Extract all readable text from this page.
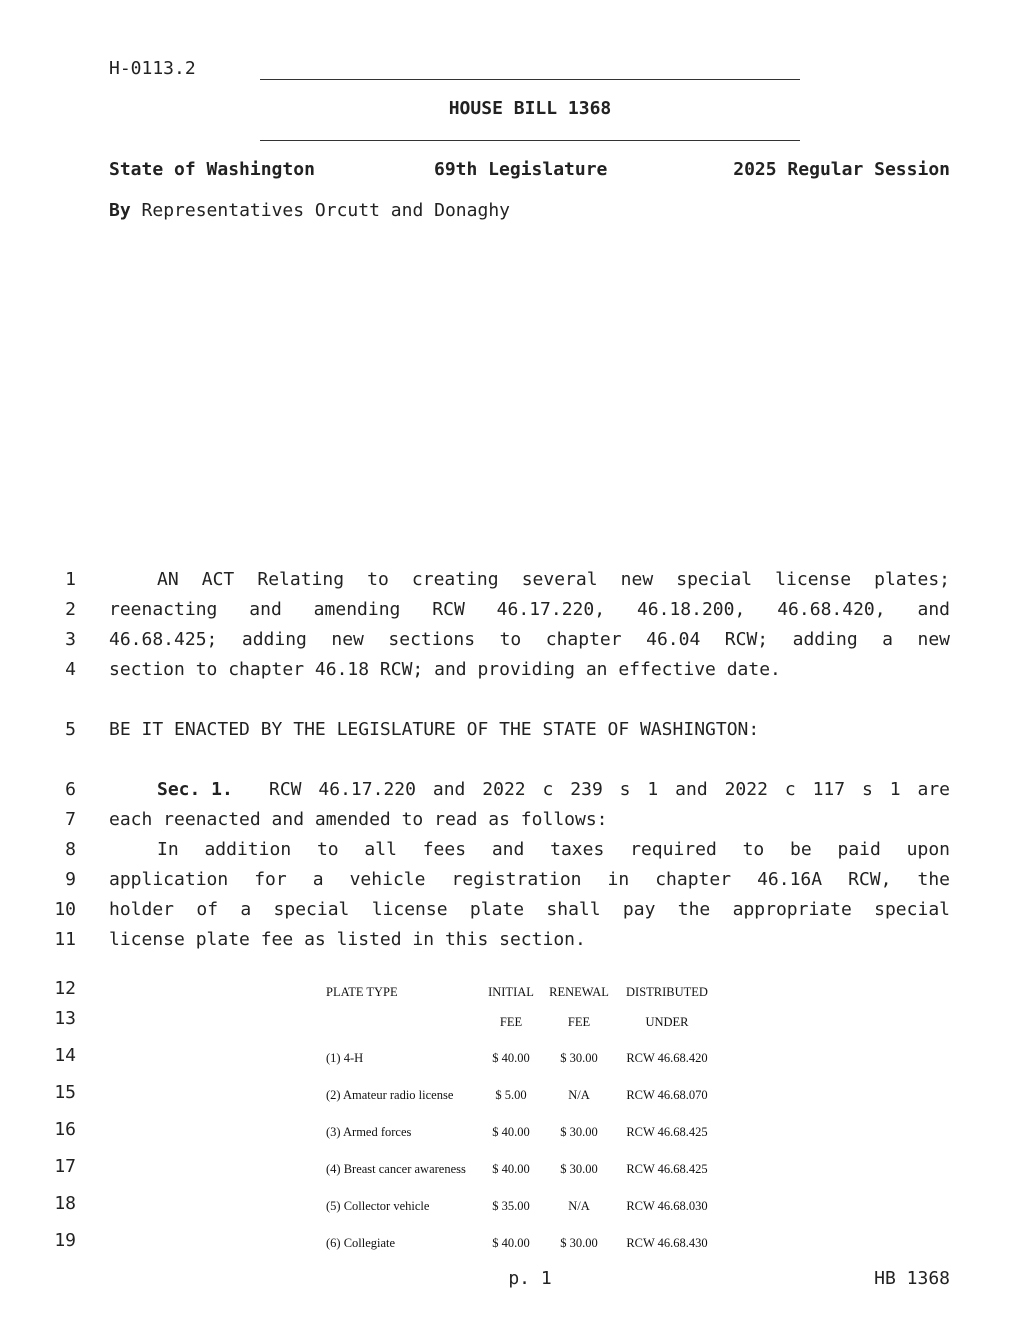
H-0113.2
HOUSE BILL 1368
State of Washington	69th Legislature	2025 Regular Session
By Representatives Orcutt and Donaghy
1	AN ACT Relating to creating several new special license plates;
2 reenacting and amending RCW 46.17.220, 46.18.200, 46.68.420, and
3 46.68.425; adding new sections to chapter 46.04 RCW; adding a new
4 section to chapter 46.18 RCW; and providing an effective date.
5 BE IT ENACTED BY THE LEGISLATURE OF THE STATE OF WASHINGTON:
6	Sec. 1.	RCW 46.17.220 and 2022 c 239 s 1 and 2022 c 117 s 1 are
7 each reenacted and amended to read as follows:
8	In addition to all fees and taxes required to be paid upon
9 application for a vehicle registration in chapter 46.16A RCW, the
10 holder of a special license plate shall pay the appropriate special
11 license plate fee as listed in this section.
12	PLATE TYPE	INITIAL	RENEWAL	DISTRIBUTED
13	FEE	FEE	UNDER
14	(1) 4-H	$ 40.00	$ 30.00	RCW 46.68.420
15	(2) Amateur radio license	$ 5.00	N/A	RCW 46.68.070
16	(3) Armed forces	$ 40.00	$ 30.00	RCW 46.68.425
17	(4) Breast cancer awareness	$ 40.00	$ 30.00	RCW 46.68.425
18	(5) Collector vehicle	$ 35.00	N/A	RCW 46.68.030
19	(6) Collegiate	$ 40.00	$ 30.00	RCW 46.68.430
p. 1	HB 1368
